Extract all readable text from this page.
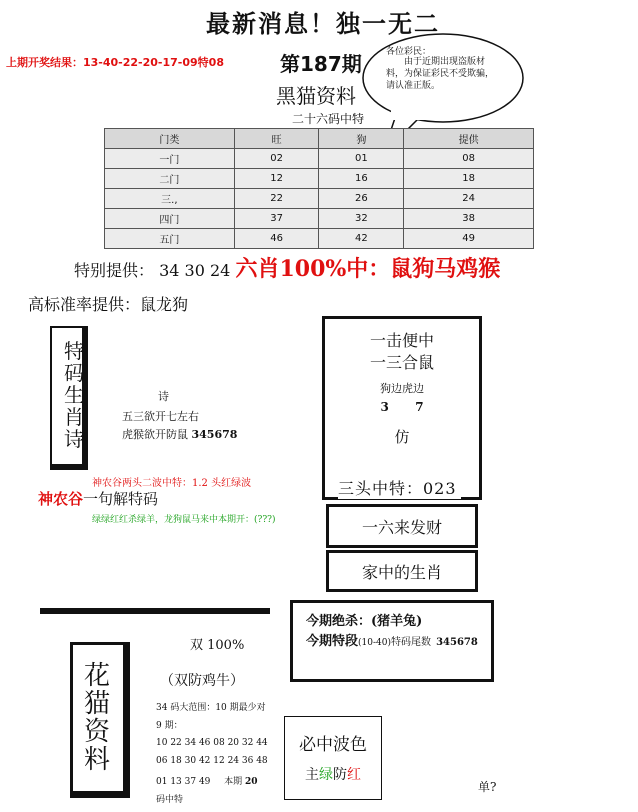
最新消息！独一无二
上期开奖结果：13-40-22-20-17-09特08	第187期
黑猫资料
二十六码中特
各位彩民：
由于近期出现盗版材料，为保证彩民不受欺骗，请认准正版。
门类	旺	狗	提供
一门	02	01	08
二门	12	16	18
三.,	22	26	24
四门	37	32	38
五门	46	42	49
特别提供： 34 30 24 六肖100%中：鼠狗马鸡猴
高标准率提供：鼠龙狗
特码生肖诗
诗
五三欲开七左右
虎猴欲开防鼠 345678
一击便中
一三合鼠
狗边虎边
3 7
仿
三头中特：023
神农谷两头二波中特：1.2 头红绿波
神农谷一句解特码
绿绿红红杀绿羊，龙狗鼠马来中本期开：(???)	一六来发财
家中的生肖
今期绝杀：(猪羊兔)
今期特段(10-40)特码尾数 345678
双 100%
（双防鸡牛）
34 码大范围：10 期最少对
9 期：
10 22 34 46 08 20 32 44
06 18 30 42 12 24 36 48
01 13 37 49 本期 20
码中特
花猫资料	必中波色
主绿防红
单?
